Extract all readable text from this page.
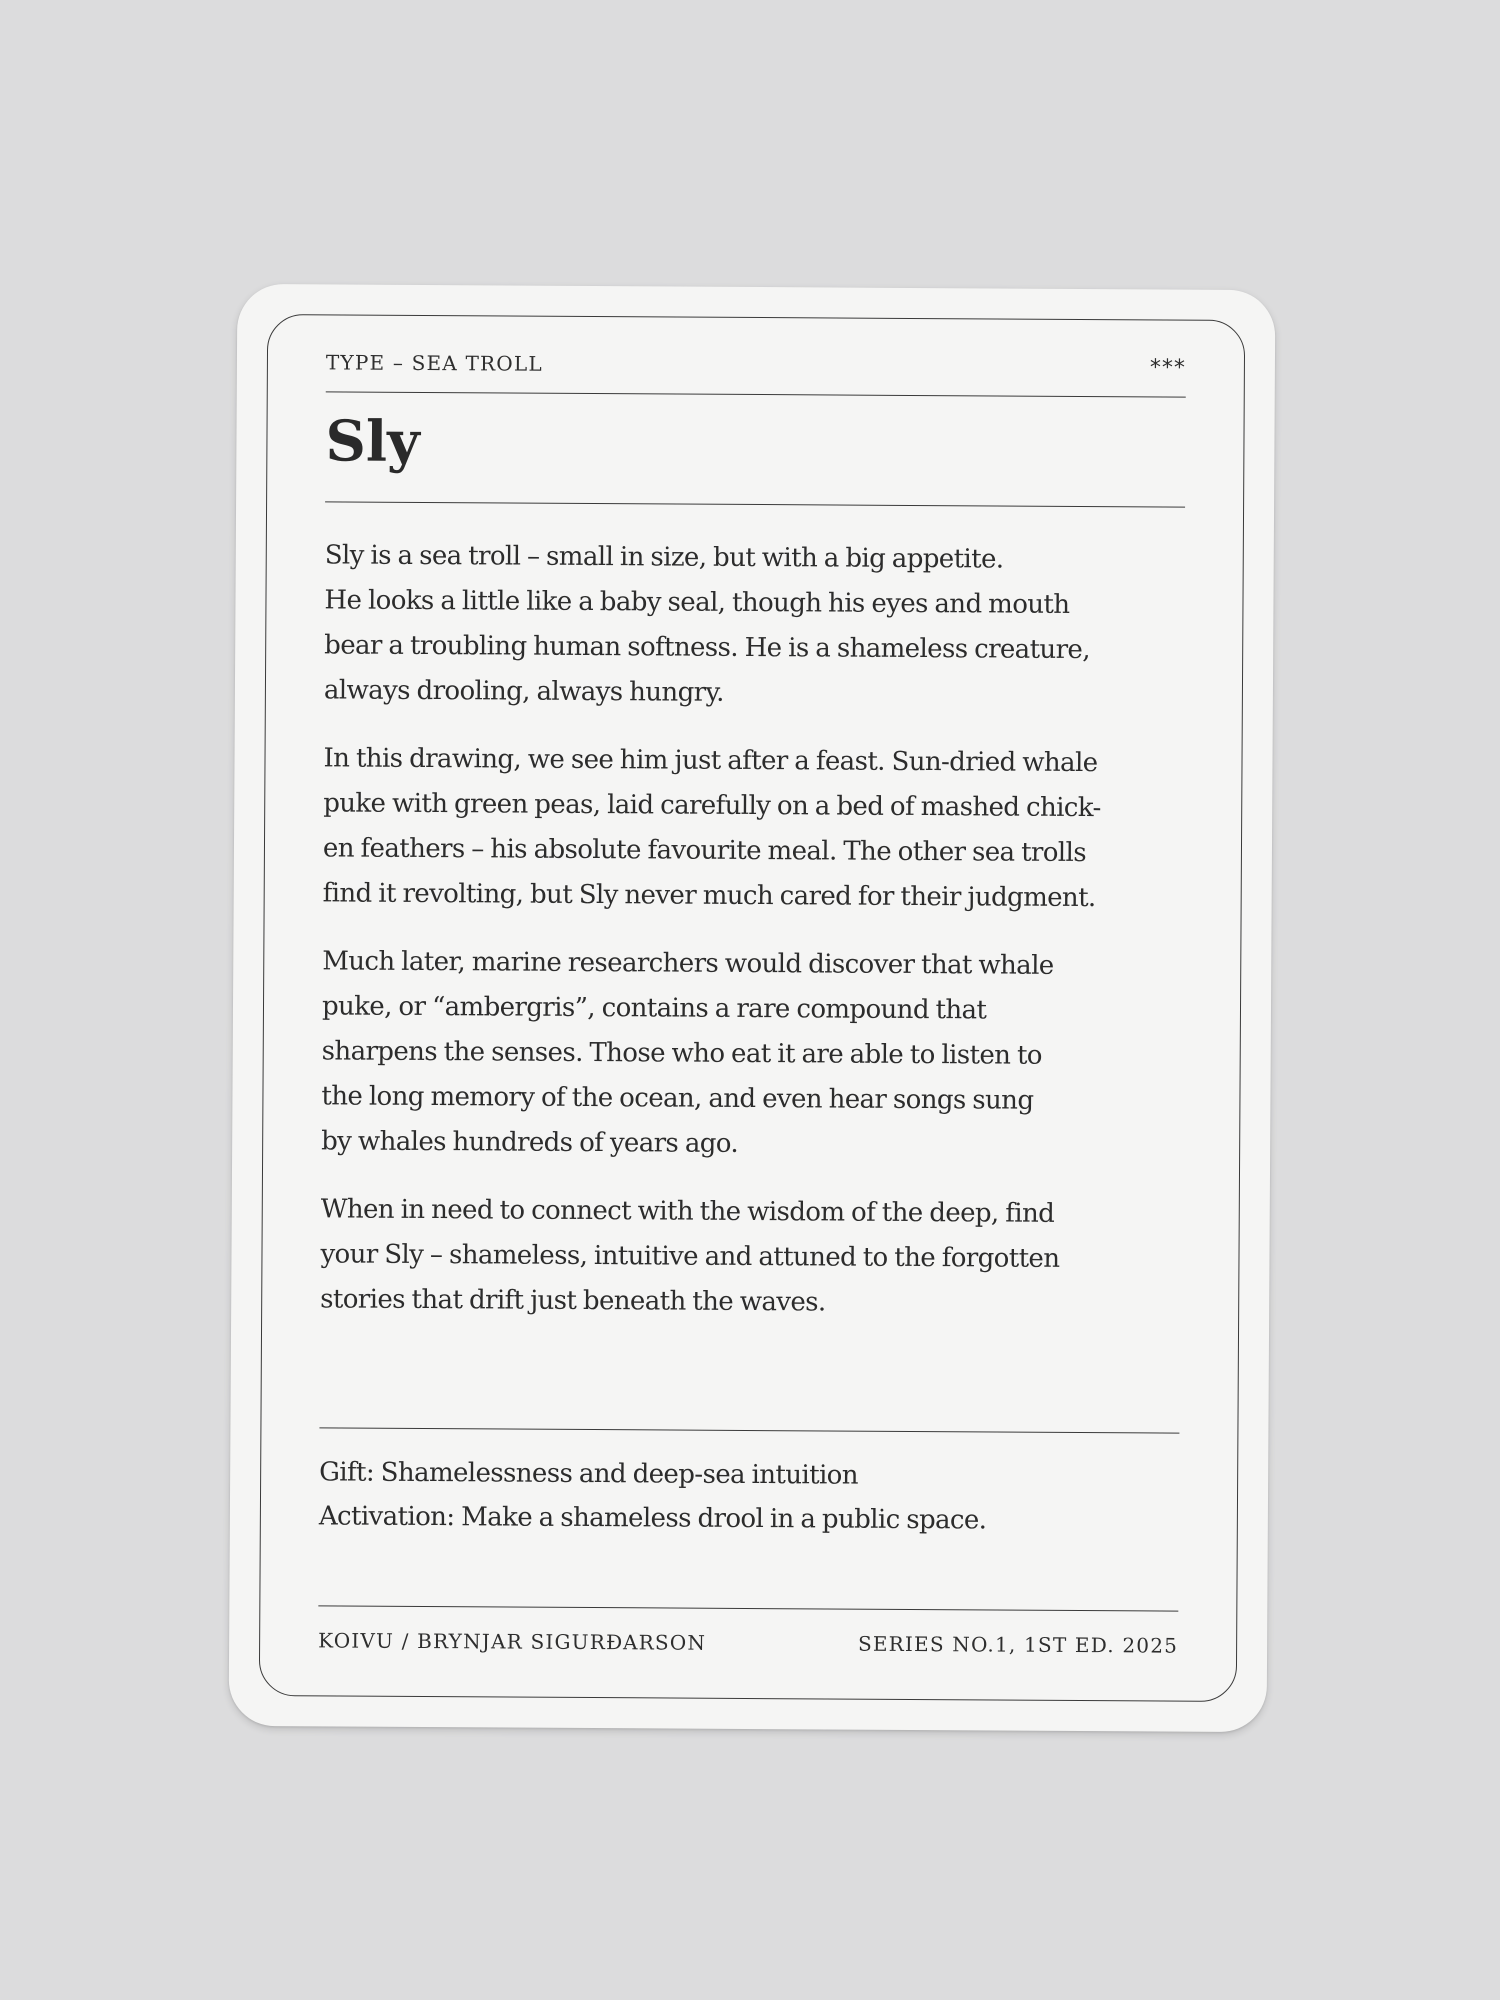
TYPE – SEA TROLL	***
Sly

Sly is a sea troll – small in size, but with a big appetite.
He looks a little like a baby seal, though his eyes and mouth
bear a troubling human softness. He is a shameless creature,
always drooling, always hungry.

In this drawing, we see him just after a feast. Sun-dried whale
puke with green peas, laid carefully on a bed of mashed chick-
en feathers – his absolute favourite meal. The other sea trolls
find it revolting, but Sly never much cared for their judgment.

Much later, marine researchers would discover that whale
puke, or “ambergris”, contains a rare compound that
sharpens the senses. Those who eat it are able to listen to
the long memory of the ocean, and even hear songs sung
by whales hundreds of years ago.

When in need to connect with the wisdom of the deep, find
your Sly – shameless, intuitive and attuned to the forgotten
stories that drift just beneath the waves.

Gift: Shamelessness and deep-sea intuition
Activation: Make a shameless drool in a public space.
KOIVU / BRYNJAR SIGURÐARSON	SERIES NO.1, 1ST ED. 2025
